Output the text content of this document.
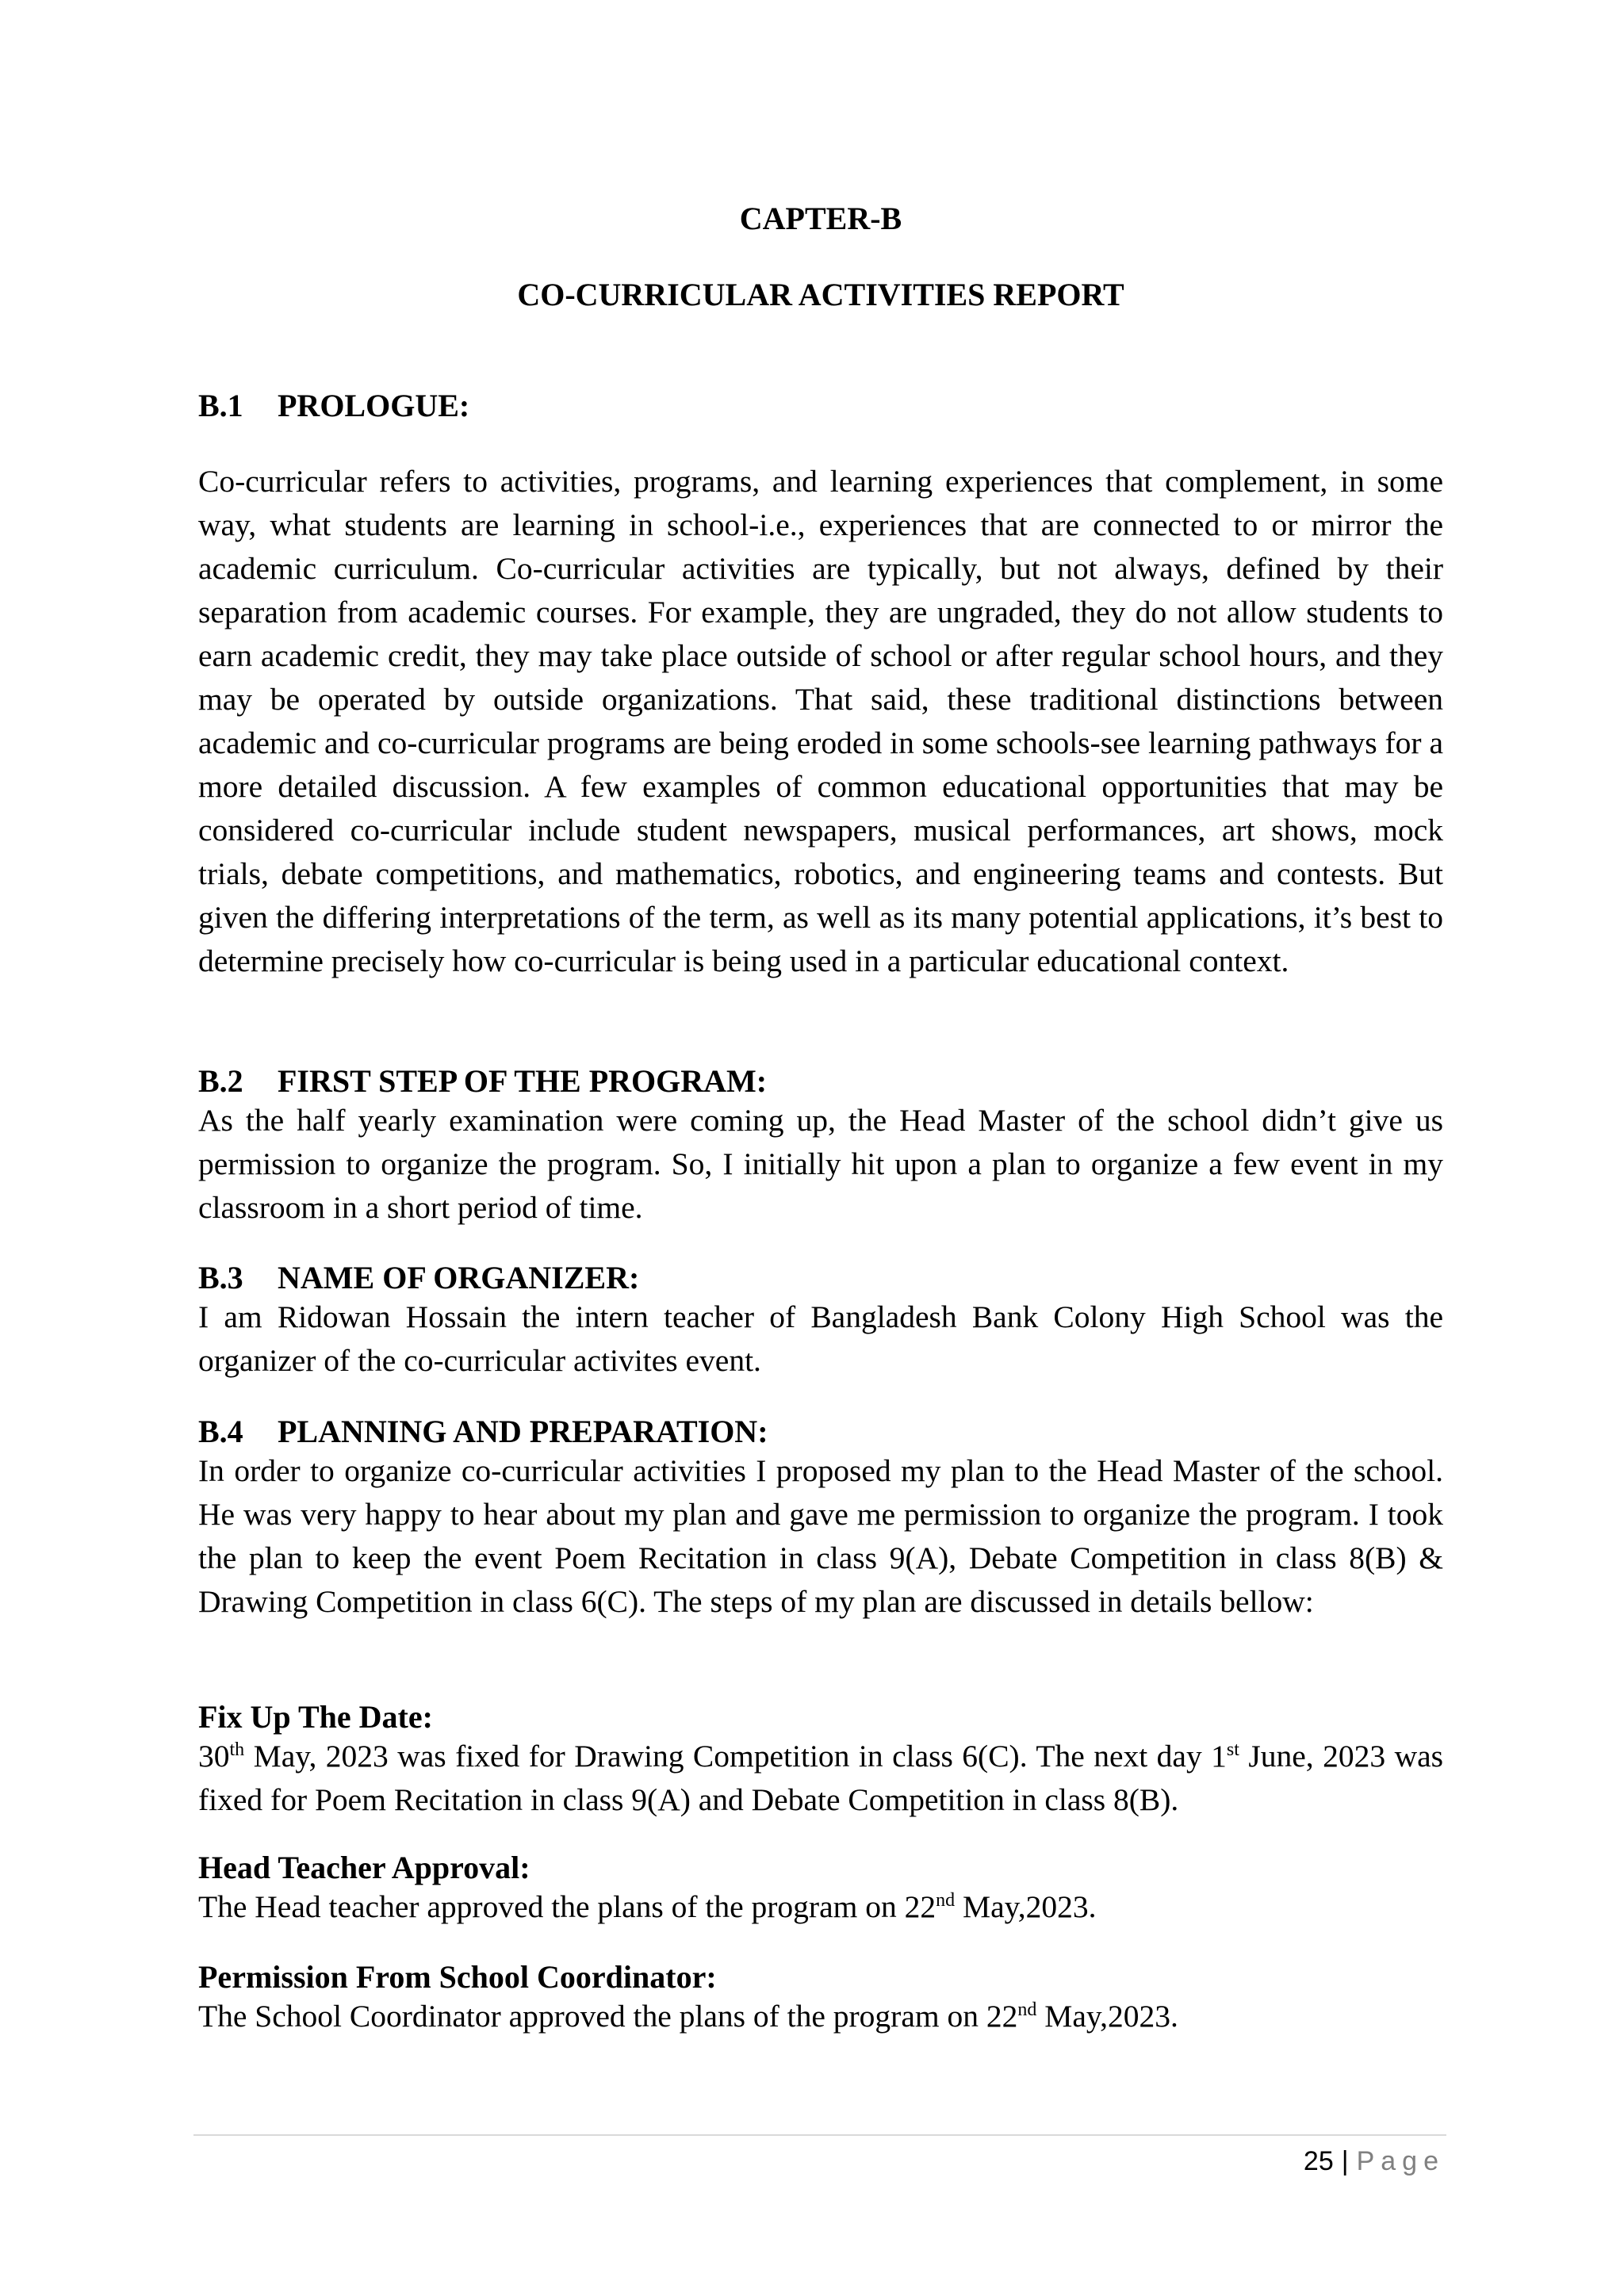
CAPTER-B
CO-CURRICULAR ACTIVITIES REPORT
B.1 PROLOGUE:

Co-curricular refers to activities, programs, and learning experiences that complement, in some way, what students are learning in school-i.e., experiences that are connected to or mirror the academic curriculum. Co-curricular activities are typically, but not always, defined by their separation from academic courses. For example, they are ungraded, they do not allow students to earn academic credit, they may take place outside of school or after regular school hours, and they may be operated by outside organizations. That said, these traditional distinctions between academic and co-curricular programs are being eroded in some schools-see learning pathways for a more detailed discussion. A few examples of common educational opportunities that may be considered co-curricular include student newspapers, musical performances, art shows, mock trials, debate competitions, and mathematics, robotics, and engineering teams and contests. But given the differing interpretations of the term, as well as its many potential applications, it’s best to determine precisely how co-curricular is being used in a particular educational context.

B.2 FIRST STEP OF THE PROGRAM:

As the half yearly examination were coming up, the Head Master of the school didn’t give us permission to organize the program. So, I initially hit upon a plan to organize a few event in my classroom in a short period of time.

B.3 NAME OF ORGANIZER:

I am Ridowan Hossain the intern teacher of Bangladesh Bank Colony High School was the organizer of the co-curricular activites event.

B.4 PLANNING AND PREPARATION:

In order to organize co-curricular activities I proposed my plan to the Head Master of the school. He was very happy to hear about my plan and gave me permission to organize the program. I took the plan to keep the event Poem Recitation in class 9(A), Debate Competition in class 8(B) & Drawing Competition in class 6(C). The steps of my plan are discussed in details bellow:

Fix Up The Date:

30th May, 2023 was fixed for Drawing Competition in class 6(C). The next day 1st June, 2023 was fixed for Poem Recitation in class 9(A) and Debate Competition in class 8(B).

Head Teacher Approval:

The Head teacher approved the plans of the program on 22nd May,2023.

Permission From School Coordinator:

The School Coordinator approved the plans of the program on 22nd May,2023.

25 | Page
